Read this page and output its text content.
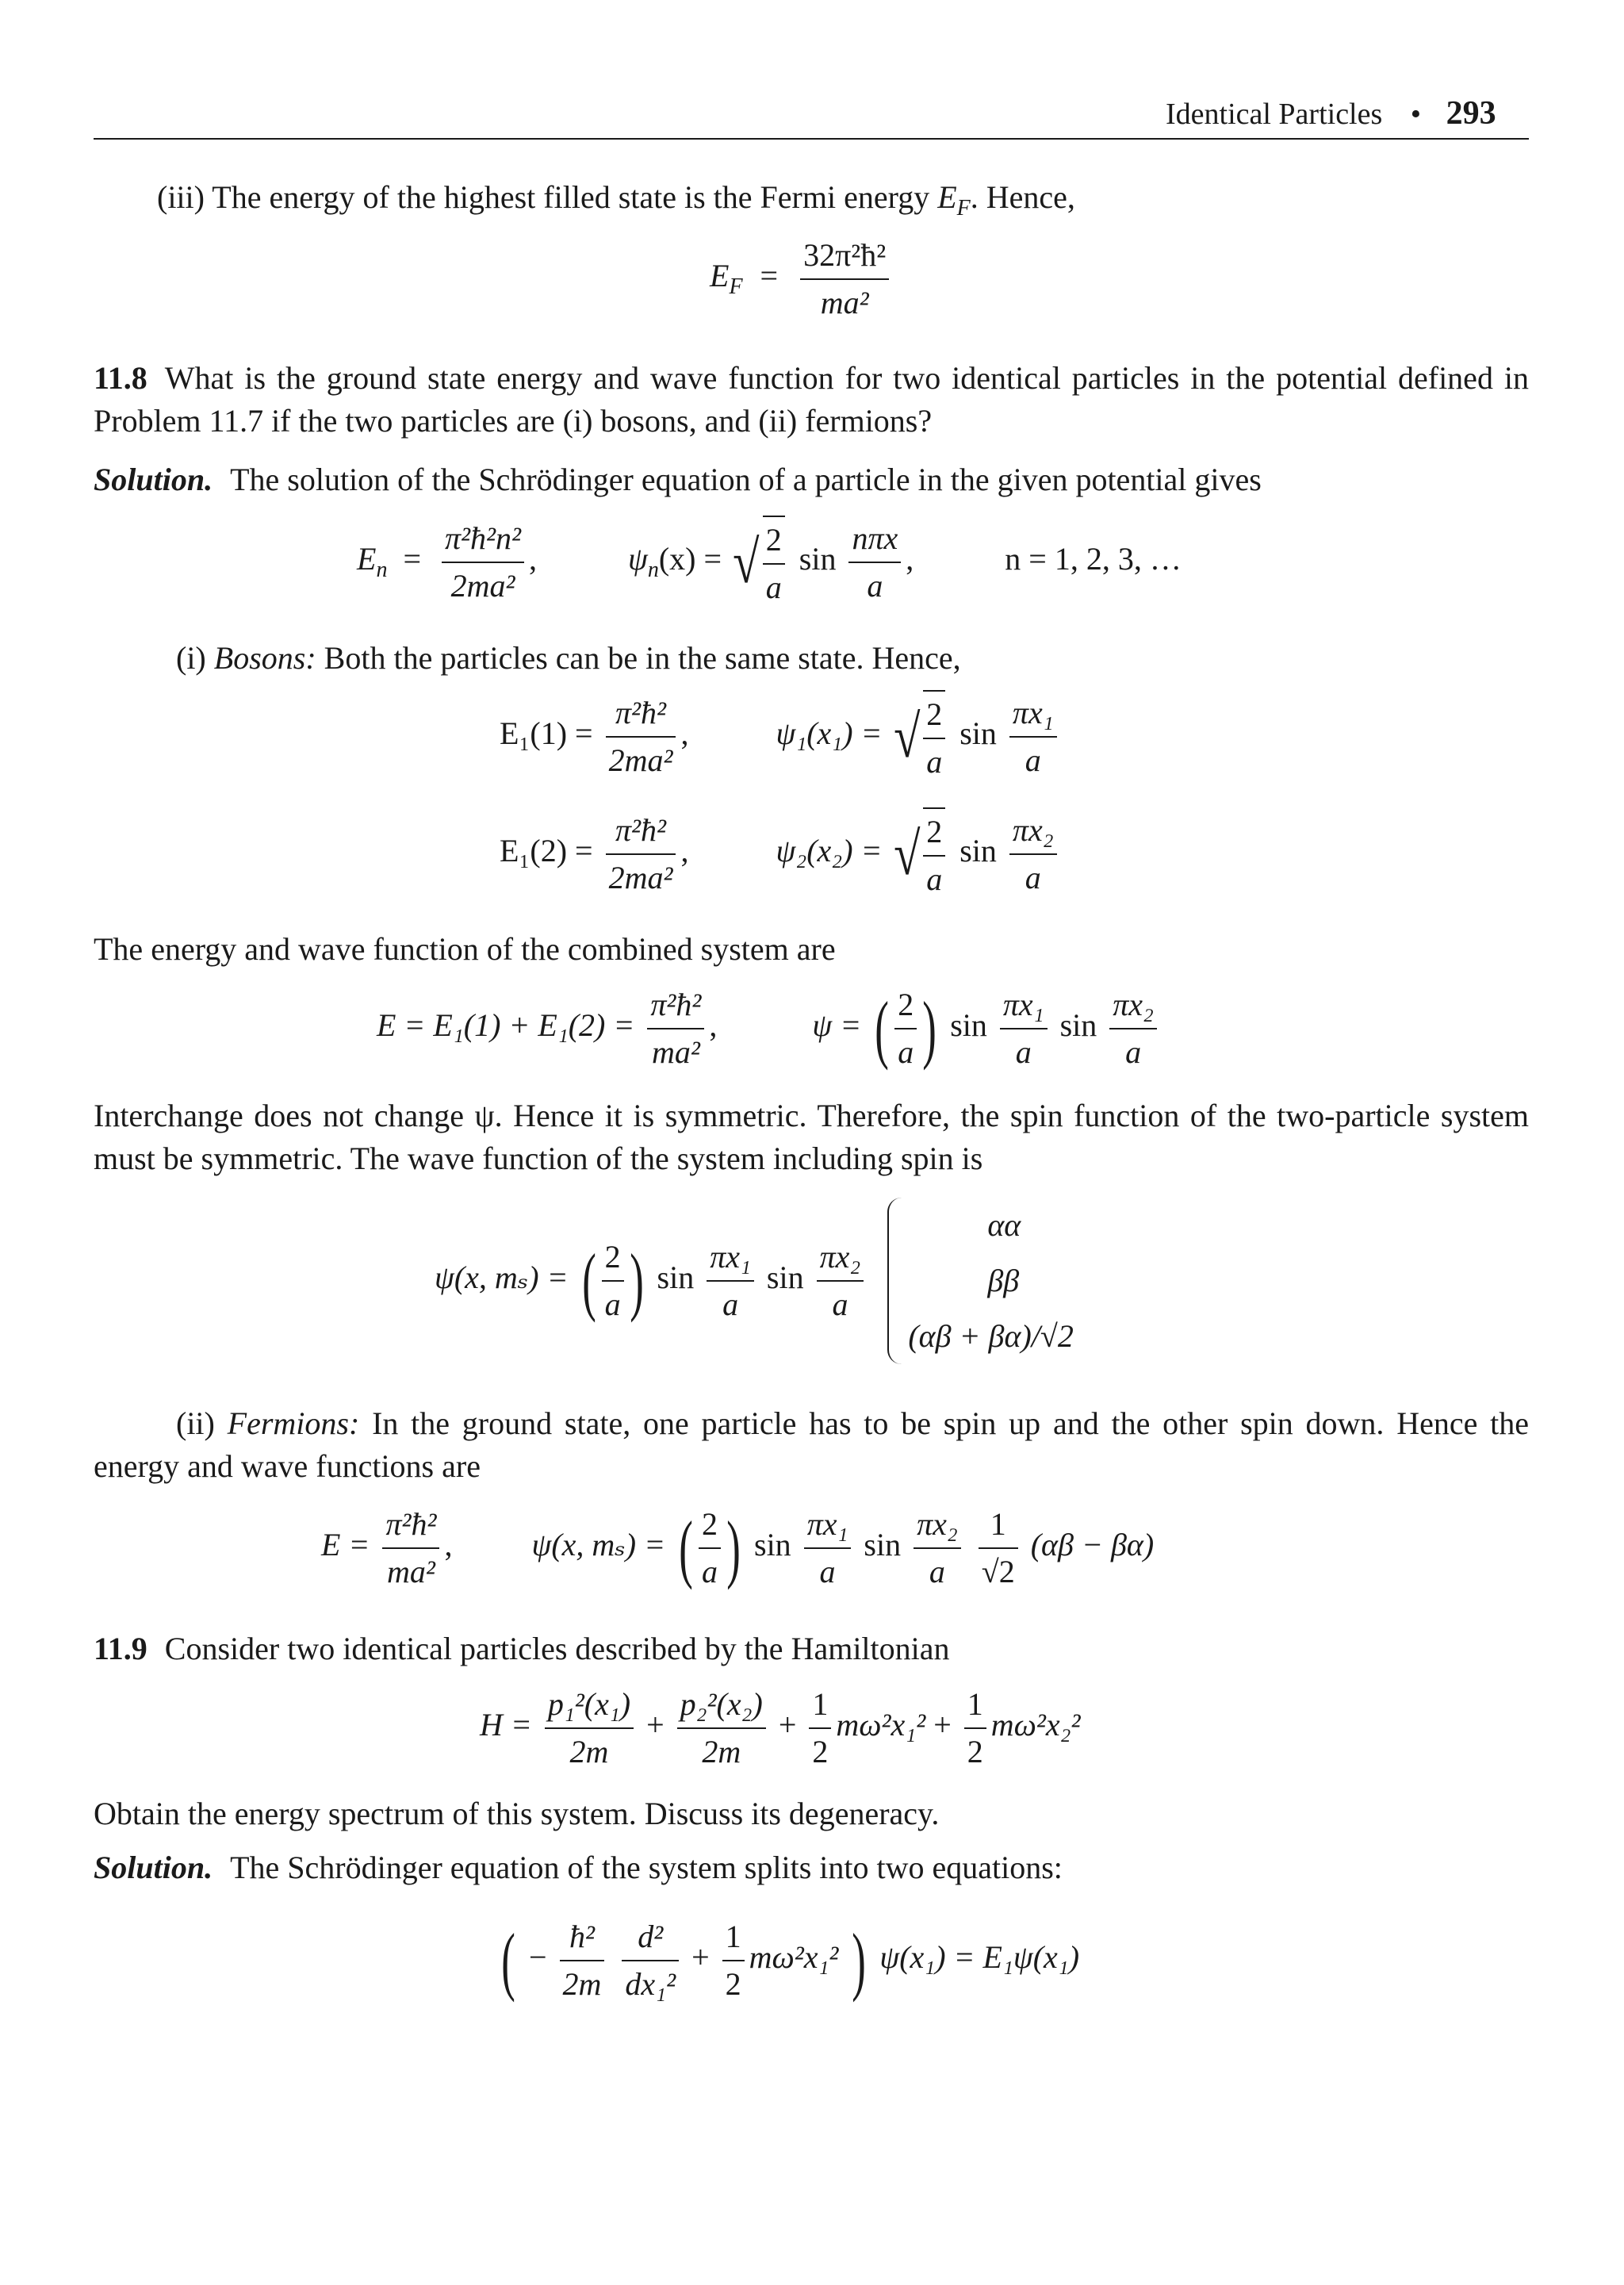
Identical Particles • 293
(iii) The energy of the highest filled state is the Fermi energy $E_F$. Hence,
$E_F = \frac{\text{32π²ħ²}}{\text{ma²}}$
11.8 What is the ground state energy and wave function for two identical particles in the potential defined in Problem 11.7 if the two particles are (i) bosons, and (ii) fermions?
Solution. The solution of the Schrödinger equation of a particle in the given potential gives
$E_n = \frac{\text{π²ħ²n²}}{\text{2ma²}}$ ,	$\psi_n(x)$ = √ $\frac{2}{a}$ $\sin \frac{\text{nπx}}{a}$ ,	n = 1, 2, 3, …
(i) Bosons: Both the particles can be in the same state. Hence,
$E_1(1) = \frac{\text{π²ħ²}}{\text{2ma²}}$ ,	ψ₁(x₁) = √ $\frac{2}{a}$ $\sin \frac{\text{πx₁}}{a}$
$E_1(2) = \frac{\text{π²ħ²}}{\text{2ma²}}$ ,	ψ₂(x₂) = √ $\frac{2}{a}$ $\sin \frac{\text{πx₂}}{a}$
The energy and wave function of the combined system are
$E = E_1(1) + E_1(2) = \frac{\text{π²ħ²}}{\text{ma²}}$ ,	ψ = ( $\frac{2}{a}$ ) $\sin \frac{\text{πx₁}}{a}$ $\sin \frac{\text{πx₂}}{a}$
Interchange does not change ψ. Hence it is symmetric. Therefore, the spin function of the two-particle system must be symmetric. The wave function of the system including spin is
ψ(x, mₛ) = ( $\frac{2}{a}$ ) $\sin \frac{\text{πx₁}}{a}$ $\sin \frac{\text{πx₂}}{a}$

αα
ββ
(αβ + βα)/√2
(ii) Fermions: In the ground state, one particle has to be spin up and the other spin down. Hence the energy and wave functions are
$E = \frac{\text{π²ħ²}}{\text{ma²}}$ ,	ψ(x, mₛ) = ( $\frac{2}{a}$ ) $\sin \frac{\text{πx₁}}{a}$ $\sin \frac{\text{πx₂}}{a}$
$\frac{1}{√2} (\alpha\beta - \beta\alpha)$
11.9 Consider two identical particles described by the Hamiltonian
$H = \frac{\text{p₁²(x₁)}}{2m} + \frac{\text{p₂²(x₂)}}{2m} + \frac{1}{2} m\omega^2x_1^2 + \frac{1}{2} m\omega^2x_2^2$
Obtain the energy spectrum of this system. Discuss its degeneracy.
Solution. The Schrödinger equation of the system splits into two equations:
( − $\frac{\text{ħ²}}{2m}$
$\frac{\text{d²}}{\text{dx₁²}} + \frac{1}{2} m\omega^2x_1^2$ ) ψ(x₁) = E₁ψ(x₁)
